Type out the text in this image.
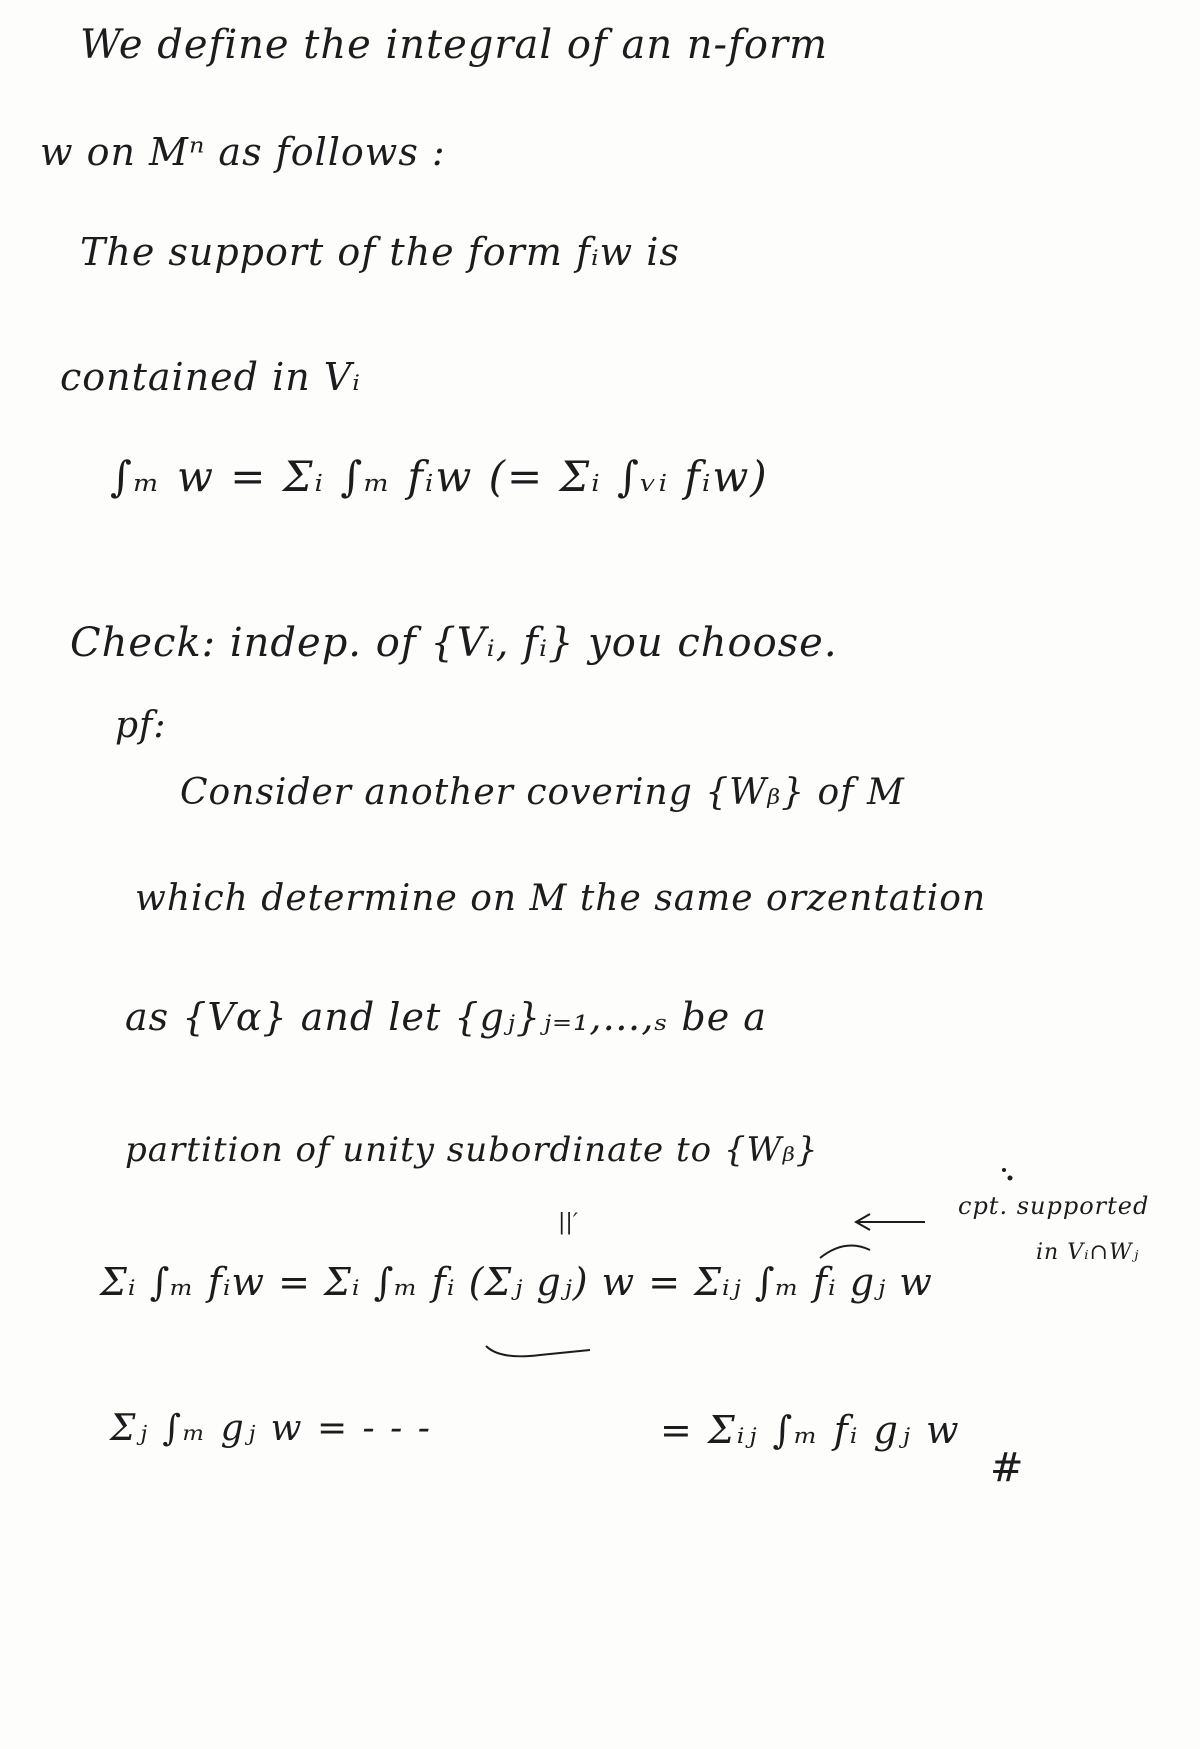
We define the integral of an n-form
w on Mⁿ as follows :
The support of the form fᵢw is
contained in Vᵢ
∫ₘ w = Σᵢ ∫ₘ fᵢw (= Σᵢ ∫ᵥᵢ fᵢw)
Check: indep. of {Vᵢ, fᵢ} you choose.
pf:
Consider another covering {Wᵦ} of M
which determine on M the same orzentation
as {Vα} and let {gⱼ}ⱼ₌₁,…,ₛ be a
partition of unity subordinate to {Wᵦ}
||′
cpt. supported
in Vᵢ∩Wⱼ
Σᵢ ∫ₘ fᵢw = Σᵢ ∫ₘ fᵢ (Σⱼ gⱼ) w = Σᵢⱼ ∫ₘ fᵢ gⱼ w
Σⱼ ∫ₘ gⱼ w = - - -	= Σᵢⱼ ∫ₘ fᵢ gⱼ w
#
